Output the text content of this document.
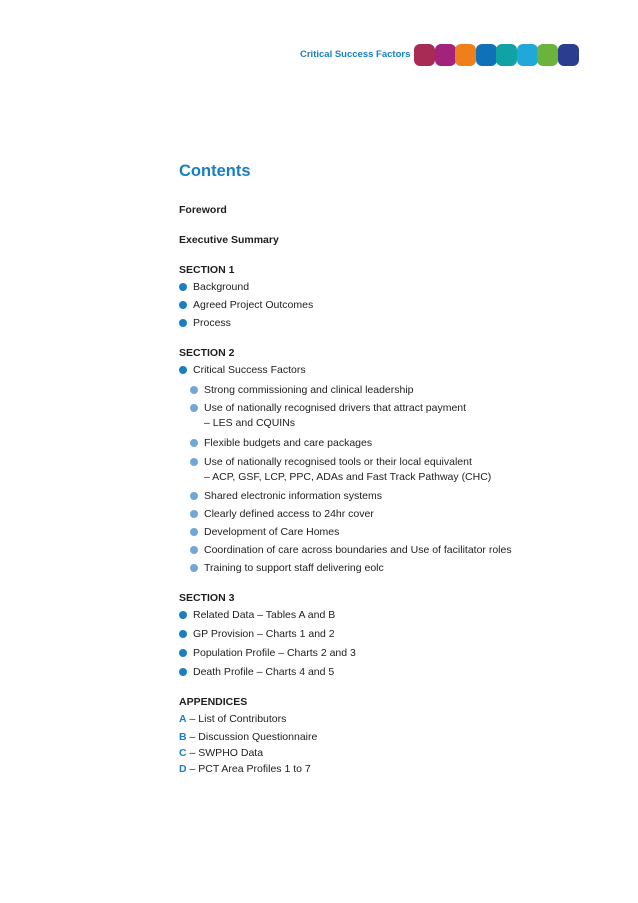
Critical Success Factors
Contents
Foreword
Executive Summary
SECTION 1
Background
Agreed Project Outcomes
Process
SECTION 2
Critical Success Factors
Strong commissioning and clinical leadership
Use of nationally recognised drivers that attract payment
– LES and CQUINs
Flexible budgets and care packages
Use of nationally recognised tools or their local equivalent
– ACP, GSF, LCP, PPC, ADAs and Fast Track Pathway (CHC)
Shared electronic information systems
Clearly defined access to 24hr cover
Development of Care Homes
Coordination of care across boundaries and Use of facilitator roles
Training to support staff delivering eolc
SECTION 3
Related Data – Tables A and B
GP Provision – Charts 1 and 2
Population Profile – Charts 2 and 3
Death Profile – Charts 4 and 5
APPENDICES
A – List of Contributors
B – Discussion Questionnaire
C – SWPHO Data
D – PCT Area Profiles 1 to 7
